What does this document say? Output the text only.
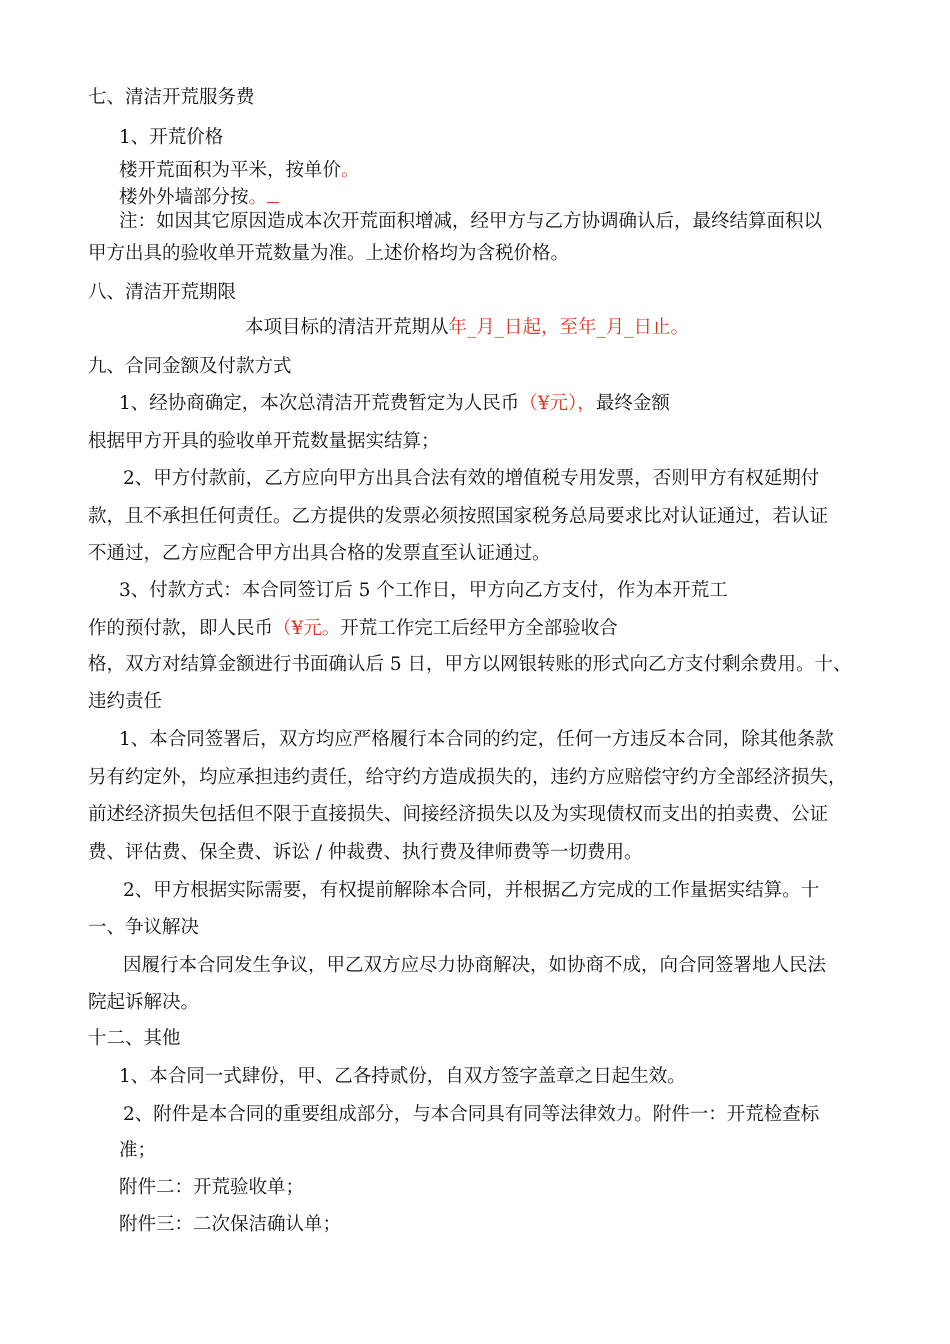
七、清洁开荒服务费

1、开荒价格

楼开荒面积为平米，按单价。

楼外外墙部分按。

注：如因其它原因造成本次开荒面积增减，经甲方与乙方协调确认后，最终结算面积以

甲方出具的验收单开荒数量为准。上述价格均为含税价格。

八、清洁开荒期限

本项目标的清洁开荒期从年_月_日起，至年_月_日止。

九、合同金额及付款方式

1、经协商确定，本次总清洁开荒费暂定为人民币（¥元），最终金额

根据甲方开具的验收单开荒数量据实结算；

2、甲方付款前，乙方应向甲方出具合法有效的增值税专用发票，否则甲方有权延期付

款，且不承担任何责任。乙方提供的发票必须按照国家税务总局要求比对认证通过，若认证

不通过，乙方应配合甲方出具合格的发票直至认证通过。

3、付款方式：本合同签订后 5 个工作日，甲方向乙方支付，作为本开荒工

作的预付款，即人民币（¥元。开荒工作完工后经甲方全部验收合

格，双方对结算金额进行书面确认后 5 日，甲方以网银转账的形式向乙方支付剩余费用。十、

违约责任

1、本合同签署后，双方均应严格履行本合同的约定，任何一方违反本合同，除其他条款

另有约定外，均应承担违约责任，给守约方造成损失的，违约方应赔偿守约方全部经济损失，

前述经济损失包括但不限于直接损失、间接经济损失以及为实现债权而支出的拍卖费、公证

费、评估费、保全费、诉讼 / 仲裁费、执行费及律师费等一切费用。

2、甲方根据实际需要，有权提前解除本合同，并根据乙方完成的工作量据实结算。十

一、争议解决

因履行本合同发生争议，甲乙双方应尽力协商解决，如协商不成，向合同签署地人民法

院起诉解决。

十二、其他

1、本合同一式肆份，甲、乙各持贰份，自双方签字盖章之日起生效。

2、附件是本合同的重要组成部分，与本合同具有同等法律效力。附件一：开荒检查标

准；

附件二：开荒验收单；

附件三：二次保洁确认单；
